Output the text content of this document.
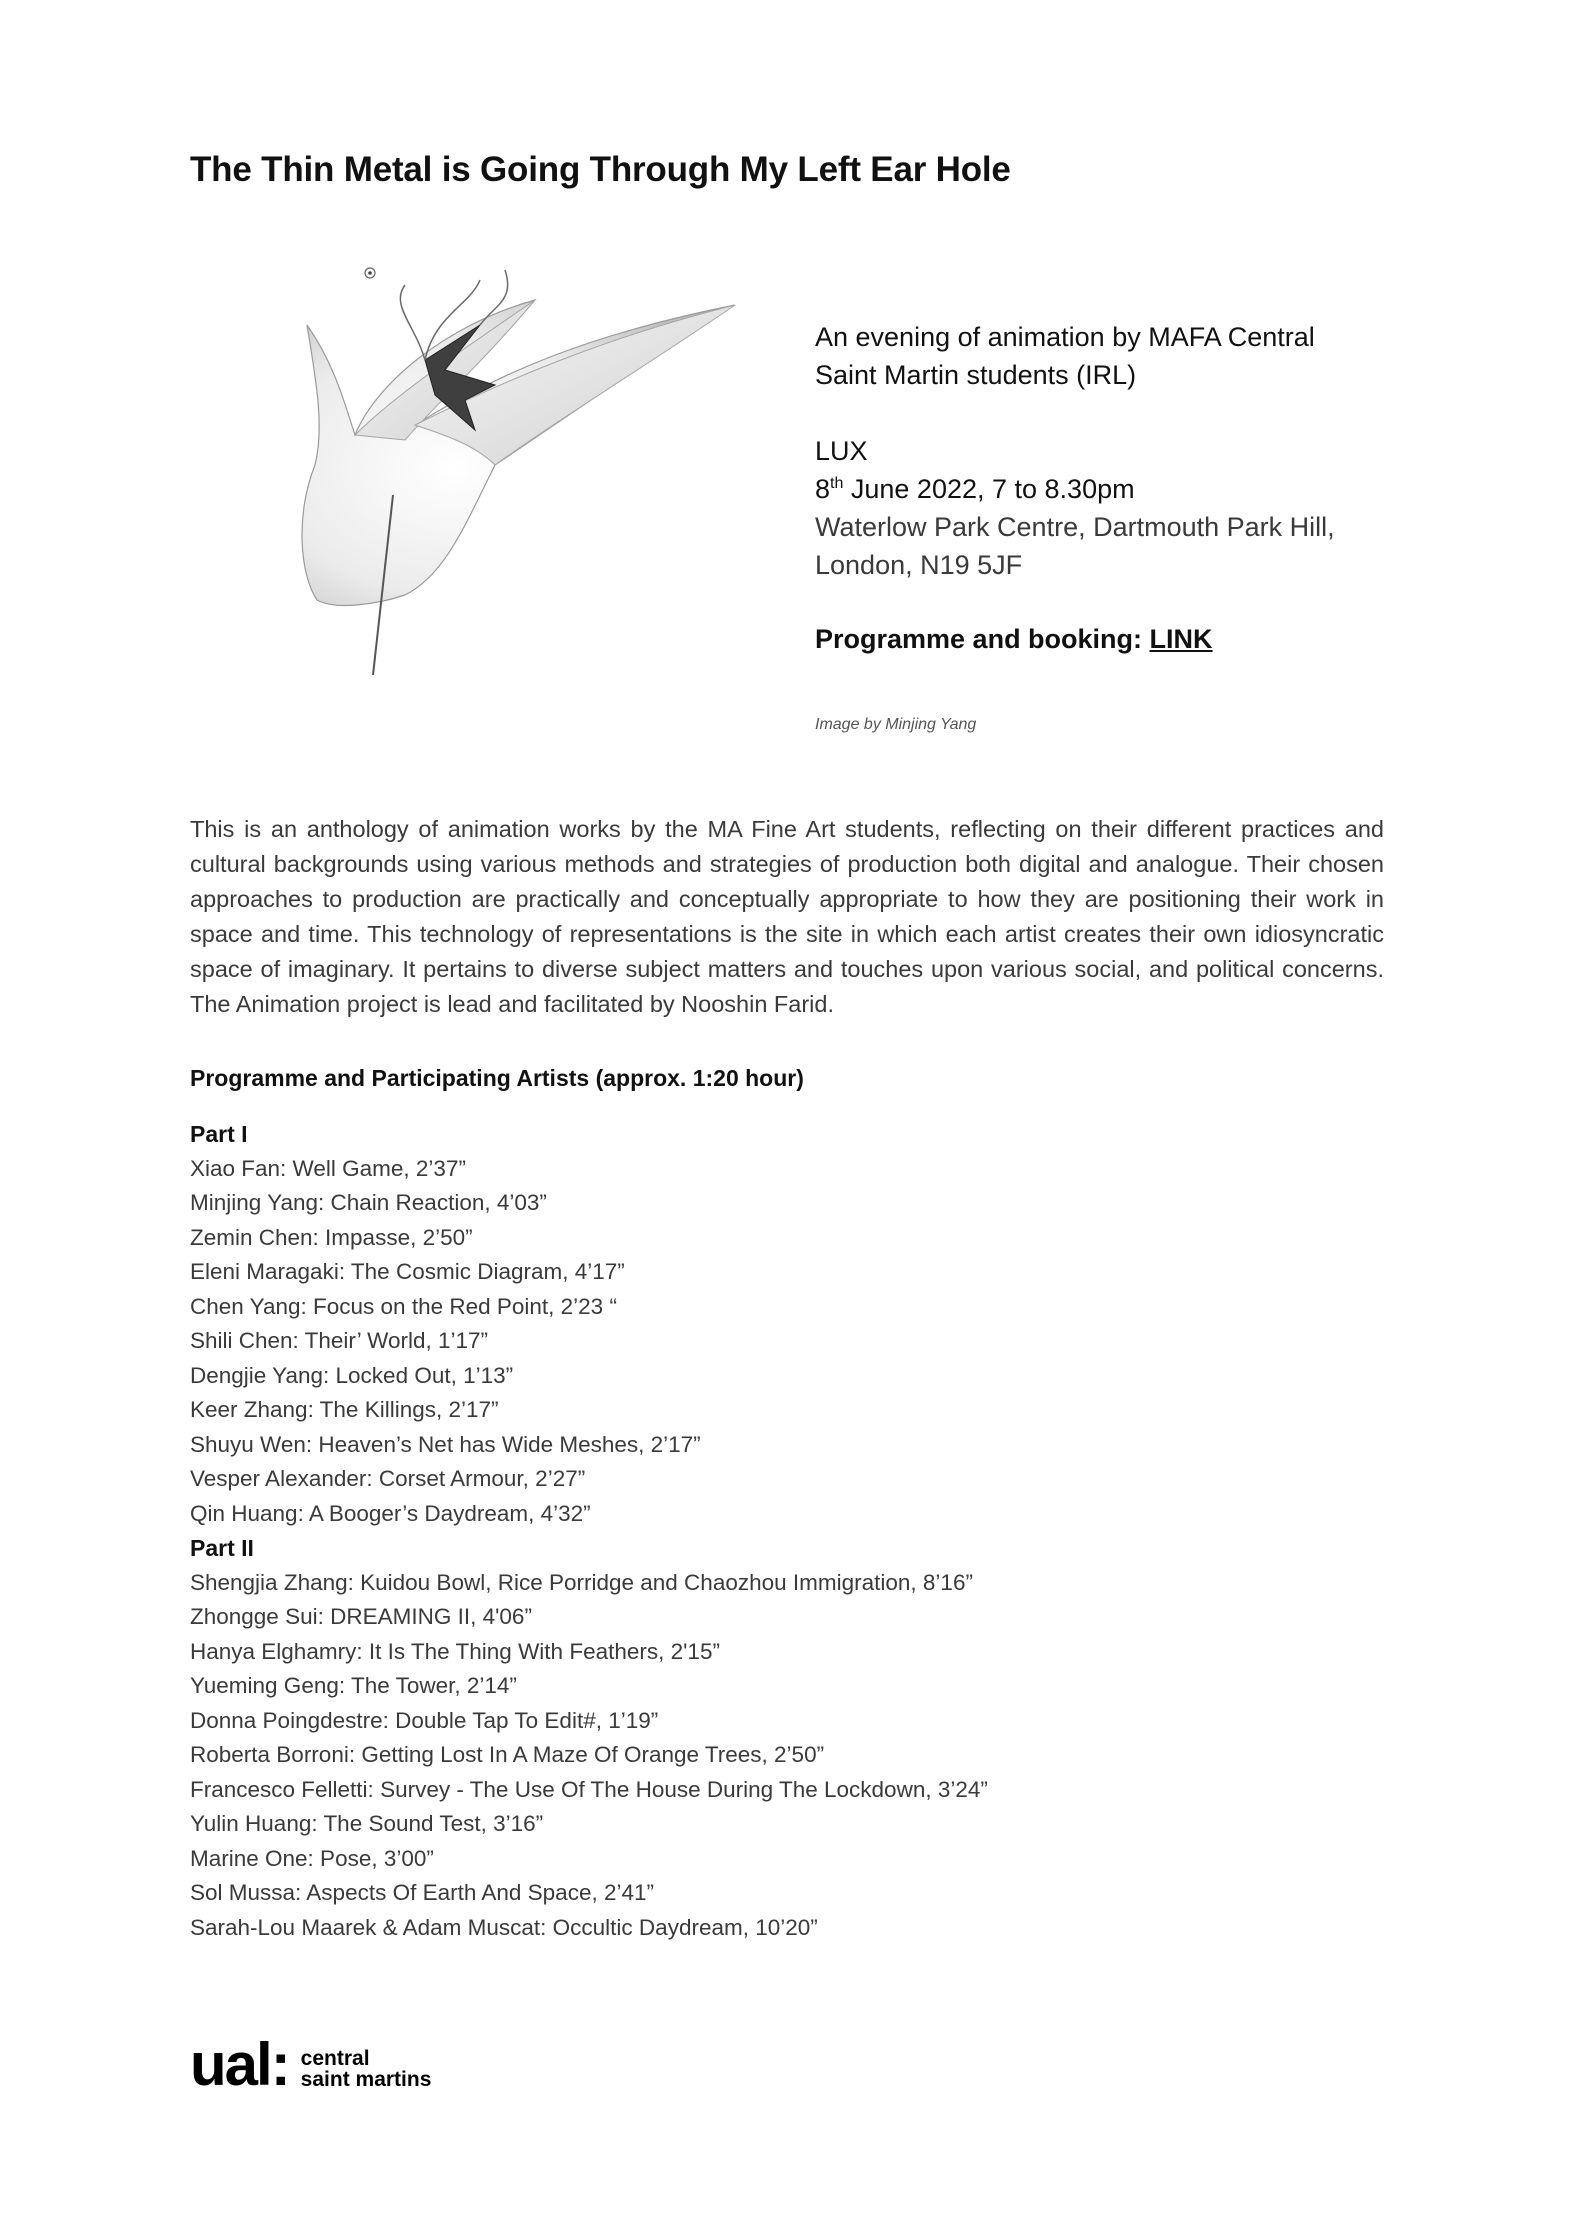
The Thin Metal is Going Through My Left Ear Hole

An evening of animation by MAFA Central Saint Martin students (IRL)

LUX

8th June 2022, 7 to 8.30pm

Waterlow Park Centre, Dartmouth Park Hill, London, N19 5JF

Programme and booking: LINK

Image by Minjing Yang

This is an anthology of animation works by the MA Fine Art students, reflecting on their different practices and cultural backgrounds using various methods and strategies of production both digital and analogue. Their chosen approaches to production are practically and conceptually appropriate to how they are positioning their work in space and time. This technology of representations is the site in which each artist creates their own idiosyncratic space of imaginary. It pertains to diverse subject matters and touches upon various social, and political concerns. The Animation project is lead and facilitated by Nooshin Farid.

Programme and Participating Artists (approx. 1:20 hour)

Part I

Xiao Fan: Well Game, 2’37”
Minjing Yang: Chain Reaction, 4’03”
Zemin Chen: Impasse, 2’50”
Eleni Maragaki: The Cosmic Diagram, 4’17”
Chen Yang: Focus on the Red Point, 2’23 “
Shili Chen: Their’ World, 1’17”
Dengjie Yang: Locked Out, 1’13”
Keer Zhang: The Killings, 2’17”
Shuyu Wen: Heaven’s Net has Wide Meshes, 2’17”
Vesper Alexander: Corset Armour, 2’27”
Qin Huang: A Booger’s Daydream, 4’32”

Part II

Shengjia Zhang: Kuidou Bowl, Rice Porridge and Chaozhou Immigration, 8’16”
Zhongge Sui: DREAMING II, 4'06”
Hanya Elghamry: It Is The Thing With Feathers, 2'15”
Yueming Geng: The Tower, 2’14”
Donna Poingdestre: Double Tap To Edit#, 1’19”
Roberta Borroni: Getting Lost In A Maze Of Orange Trees, 2’50”
Francesco Felletti: Survey - The Use Of The House During The Lockdown, 3’24”
Yulin Huang: The Sound Test, 3’16”
Marine One: Pose, 3’00”
Sol Mussa: Aspects Of Earth And Space, 2’41”
Sarah-Lou Maarek & Adam Muscat: Occultic Daydream, 10’20”
ual: central
saint martins
